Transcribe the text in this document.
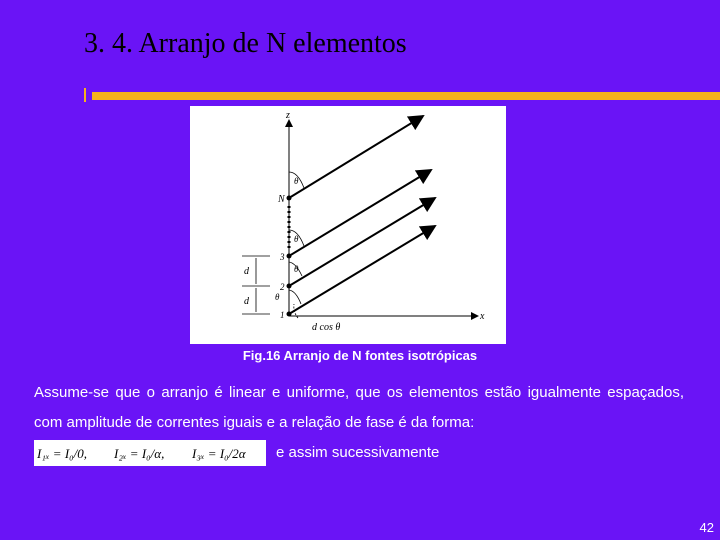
3. 4. Arranjo de N elementos
z
x
N
3
2
1
θ
θ
θ
θ
d
d
d cos θ
Fig.16 Arranjo de N fontes isotrópicas

Assume-se que o arranjo é linear e uniforme, que os elementos estão igualmente espaçados, com amplitude de correntes iguais e a relação de fase é da forma:

I₁ₓ = I₀/0, I₂ₓ = I₀/α, I₃ₓ = I₀/2α e assim sucessivamente
42
